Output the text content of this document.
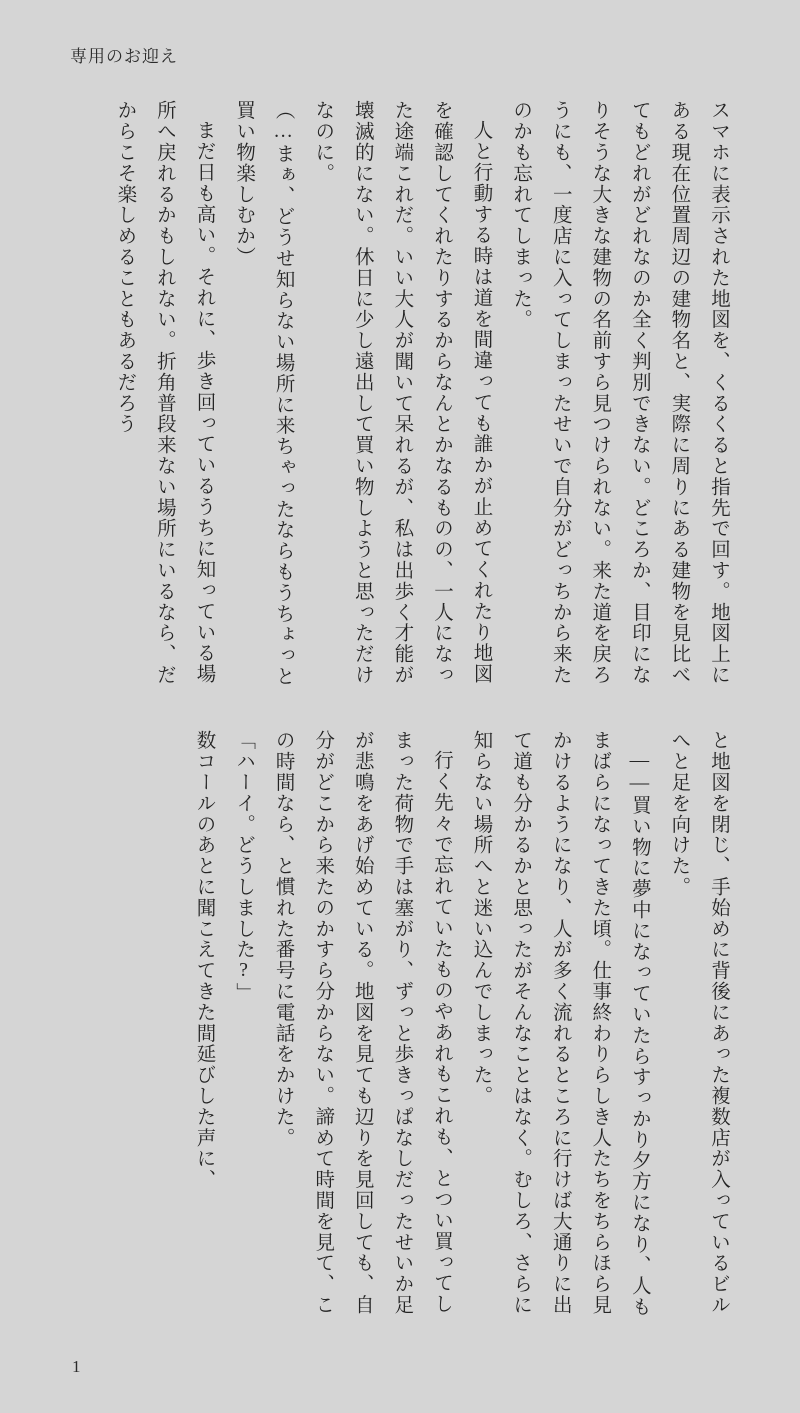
専用のお迎え

スマホに表示された地図を、くるくると指先で回す。地図上にある現在位置周辺の建物名と、実際に周りにある建物を見比べてもどれがどれなのか全く判別できない。どころか、目印になりそうな大きな建物の名前すら見つけられない。来た道を戻ろうにも、一度店に入ってしまったせいで自分がどっちから来たのかも忘れてしまった。

人と行動する時は道を間違っても誰かが止めてくれたり地図を確認してくれたりするからなんとかなるものの、一人になった途端これだ。いい大人が聞いて呆れるが、私は出歩く才能が壊滅的にない。休日に少し遠出して買い物しようと思っただけなのに。

（…まぁ、どうせ知らない場所に来ちゃったならもうちょっと買い物楽しむか）

まだ日も高い。それに、歩き回っているうちに知っている場所へ戻れるかもしれない。折角普段来ない場所にいるなら、だからこそ楽しめることもあるだろう

と地図を閉じ、手始めに背後にあった複数店が入っているビルへと足を向けた。

――買い物に夢中になっていたらすっかり夕方になり、人もまばらになってきた頃。仕事終わりらしき人たちをちらほら見かけるようになり、人が多く流れるところに行けば大通りに出て道も分かるかと思ったがそんなことはなく。むしろ、さらに知らない場所へと迷い込んでしまった。

行く先々で忘れていたものやあれもこれも、とつい買ってしまった荷物で手は塞がり、ずっと歩きっぱなしだったせいか足が悲鳴をあげ始めている。地図を見ても辺りを見回しても、自分がどこから来たのかすら分からない。諦めて時間を見て、この時間なら、と慣れた番号に電話をかけた。

「ハーイ。どうしました?」

数コールのあとに聞こえてきた間延びした声に、

1
